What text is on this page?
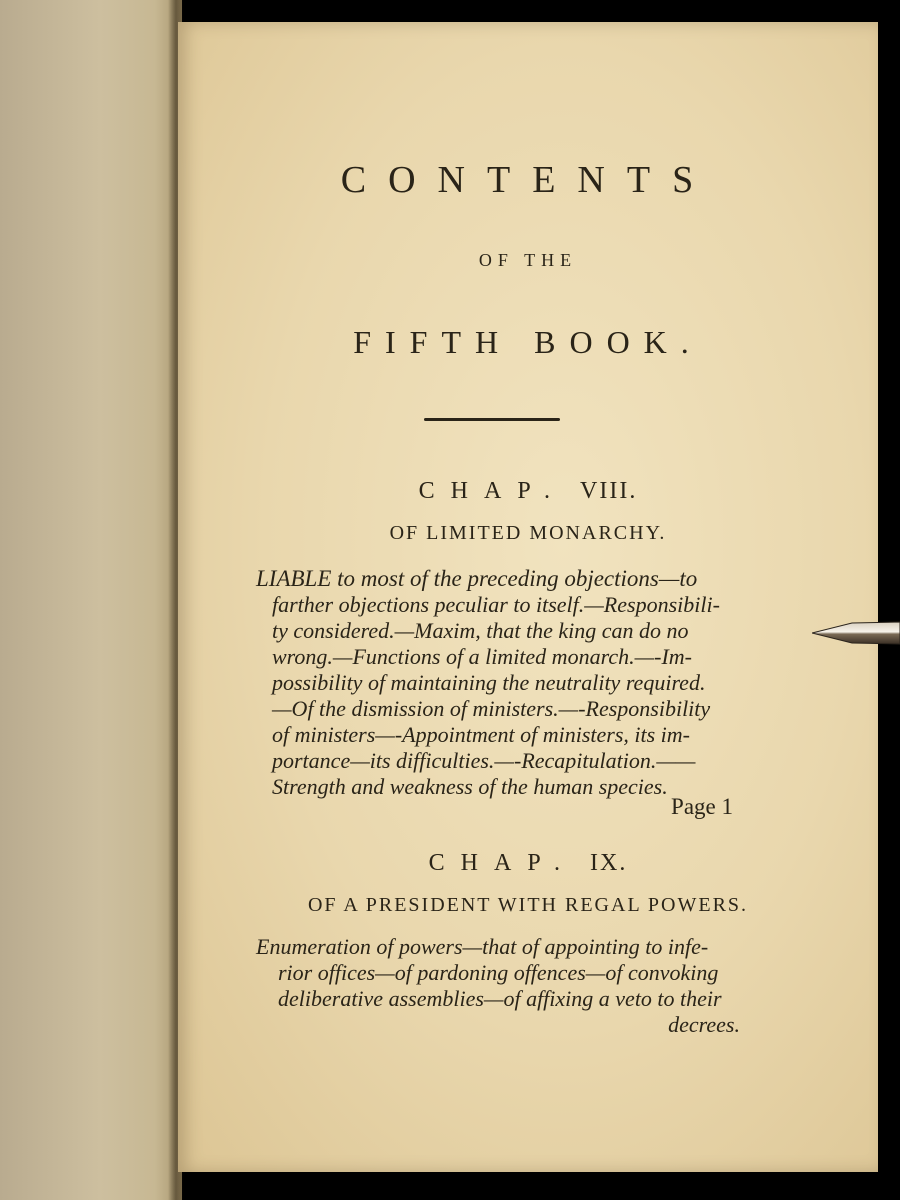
CONTENTS
OF THE
FIFTH BOOK.
CHAP. VIII.
OF LIMITED MONARCHY.
LIABLE to most of the preceding objections—to
farther objections peculiar to itself.—Responsibili-
ty considered.—Maxim, that the king can do no
wrong.—Functions of a limited monarch.—-Im-
possibility of maintaining the neutrality required.
—Of the dismission of ministers.—-Responsibility
of ministers—-Appointment of ministers, its im-
portance—its difficulties.—-Recapitulation.——
Strength and weakness of the human species.
Page 1
CHAP. IX.
OF A PRESIDENT WITH REGAL POWERS.
Enumeration of powers—that of appointing to infe-
rior offices—of pardoning offences—of convoking
deliberative assemblies—of affixing a veto to their
decrees.
